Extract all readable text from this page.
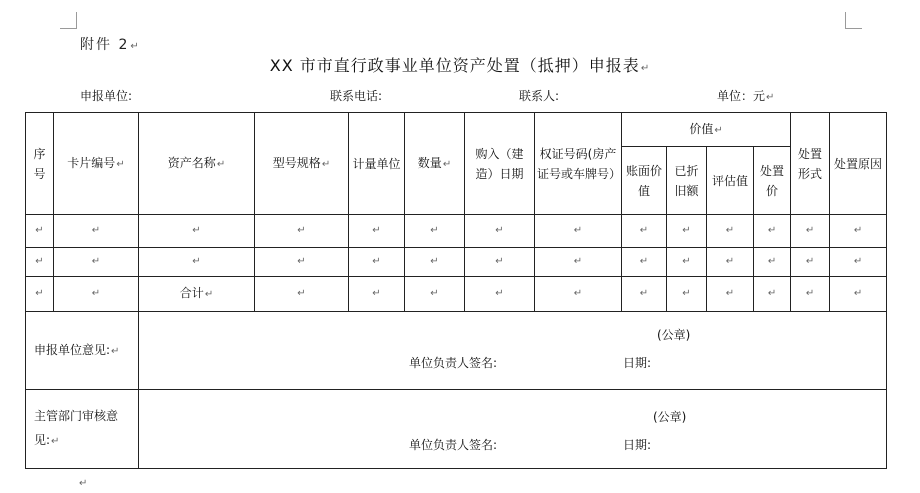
附件 2↵
XX 市市直行政事业单位资产处置（抵押）申报表↵
申报单位:	联系电话:	联系人:	单位：元↵
序号	卡片编号↵	资产名称↵	型号规格↵	计量单位	数量↵	购入（建造）日期	权证号码(房产证号或车牌号）	价值↵				处置形式	处置原因
								账面价值	已折旧额	评估值	处置价		
↵	↵	↵	↵	↵	↵	↵	↵	↵	↵	↵	↵	↵	↵
↵	↵	↵	↵	↵	↵	↵	↵	↵	↵	↵	↵	↵	↵
↵	↵	合计↵	↵	↵	↵	↵	↵	↵	↵	↵	↵	↵	↵
申报单位意见:↵		(公章)
单位负责人签名: 日期:											

主管部门审核意见:↵		(公章)
单位负责人签名: 日期:											
↵
